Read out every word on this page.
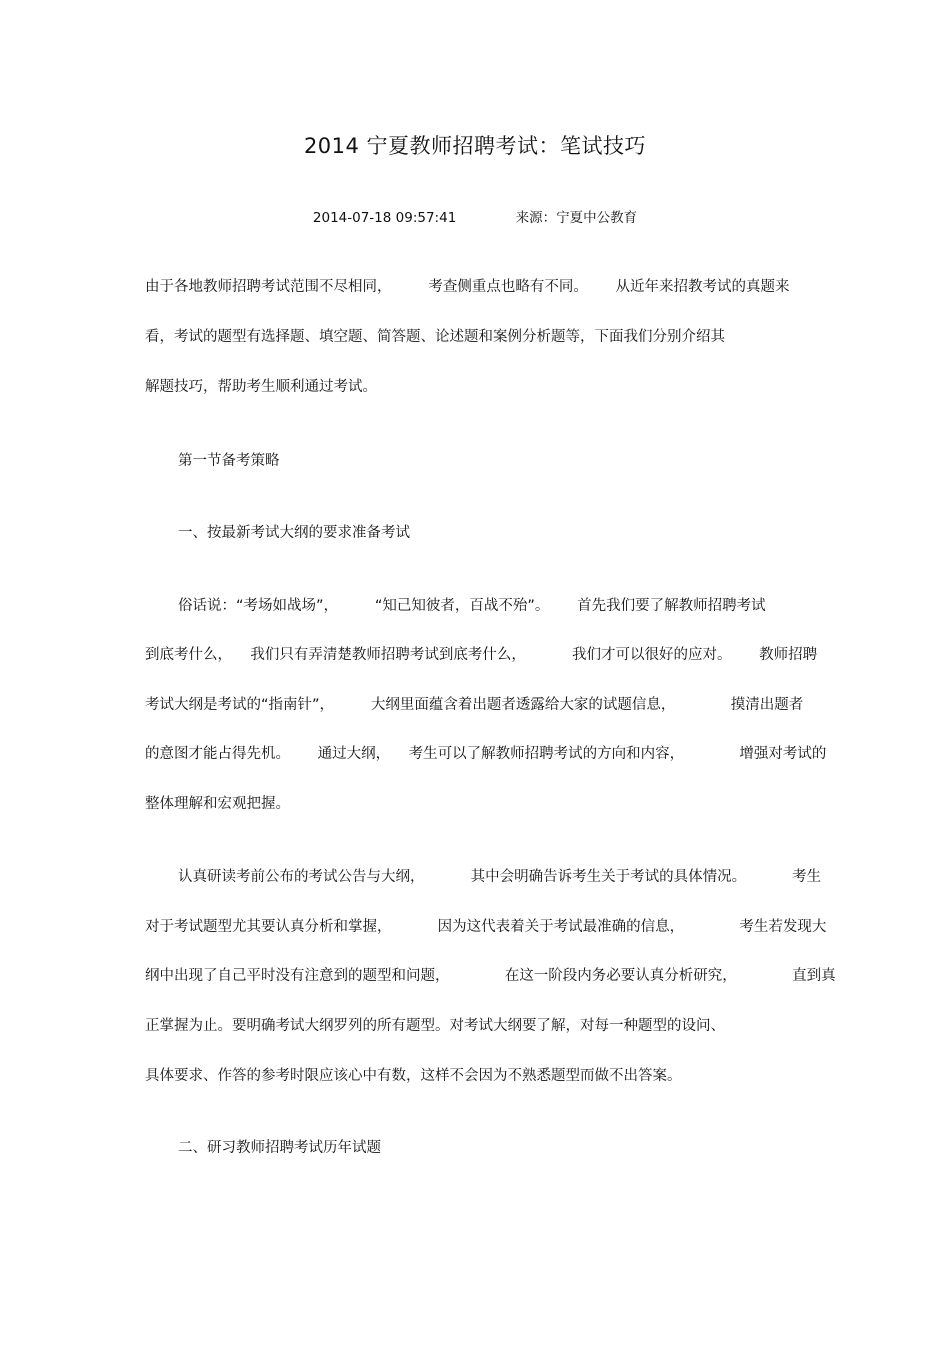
2014 宁夏教师招聘考试：笔试技巧
2014-07-18 09:57:41	来源：宁夏中公教育
由于各地教师招聘考试范围不尽相同，        考查侧重点也略有不同。      从近年来招教考试的真题来
看，考试的题型有选择题、填空题、简答题、论述题和案例分析题等，下面我们分别介绍其
解题技巧，帮助考生顺利通过考试。
第一节备考策略
一、按最新考试大纲的要求准备考试
俗话说：“考场如战场”，        “知己知彼者，百战不殆”。      首先我们要了解教师招聘考试
到底考什么，    我们只有弄清楚教师招聘考试到底考什么，          我们才可以很好的应对。      教师招聘
考试大纲是考试的“指南针”，        大纲里面蕴含着出题者透露给大家的试题信息，            摸清出题者
的意图才能占得先机。      通过大纲，    考生可以了解教师招聘考试的方向和内容，            增强对考试的
整体理解和宏观把握。
认真研读考前公布的考试公告与大纲，          其中会明确告诉考生关于考试的具体情况。          考生
对于考试题型尤其要认真分析和掌握，          因为这代表着关于考试最准确的信息，            考生若发现大
纲中出现了自己平时没有注意到的题型和问题，            在这一阶段内务必要认真分析研究，            直到真
正掌握为止。要明确考试大纲罗列的所有题型。对考试大纲要了解，对每一种题型的设问、
具体要求、作答的参考时限应该心中有数，这样不会因为不熟悉题型而做不出答案。
二、研习教师招聘考试历年试题
